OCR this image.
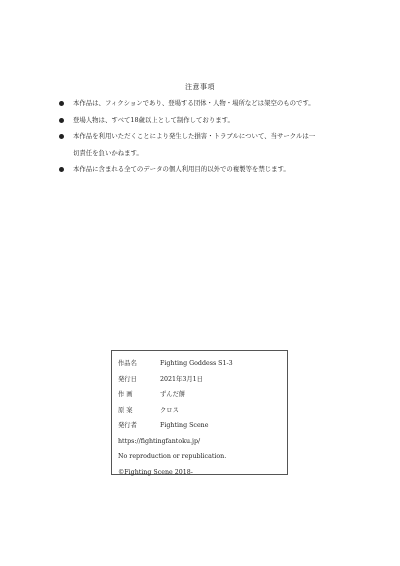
注意事項
本作品は、フィクションであり、登場する団体・人物・場所などは架空のものです。
登場人物は、すべて18歳以上として制作しております。
本作品を利用いただくことにより発生した損害・トラブルについて、当サークルは一
切責任を負いかねます。
本作品に含まれる全てのデータの個人利用目的以外での複製等を禁じます。
作品名	Fighting Goddess S1-3
発行日	2021年3月1日
作 画	ずんだ餅
原 案	クロス
発行者	Fighting Scene
https://fightingfantoku.jp/
No reproduction or republication.
©Fighting Scene 2018-
